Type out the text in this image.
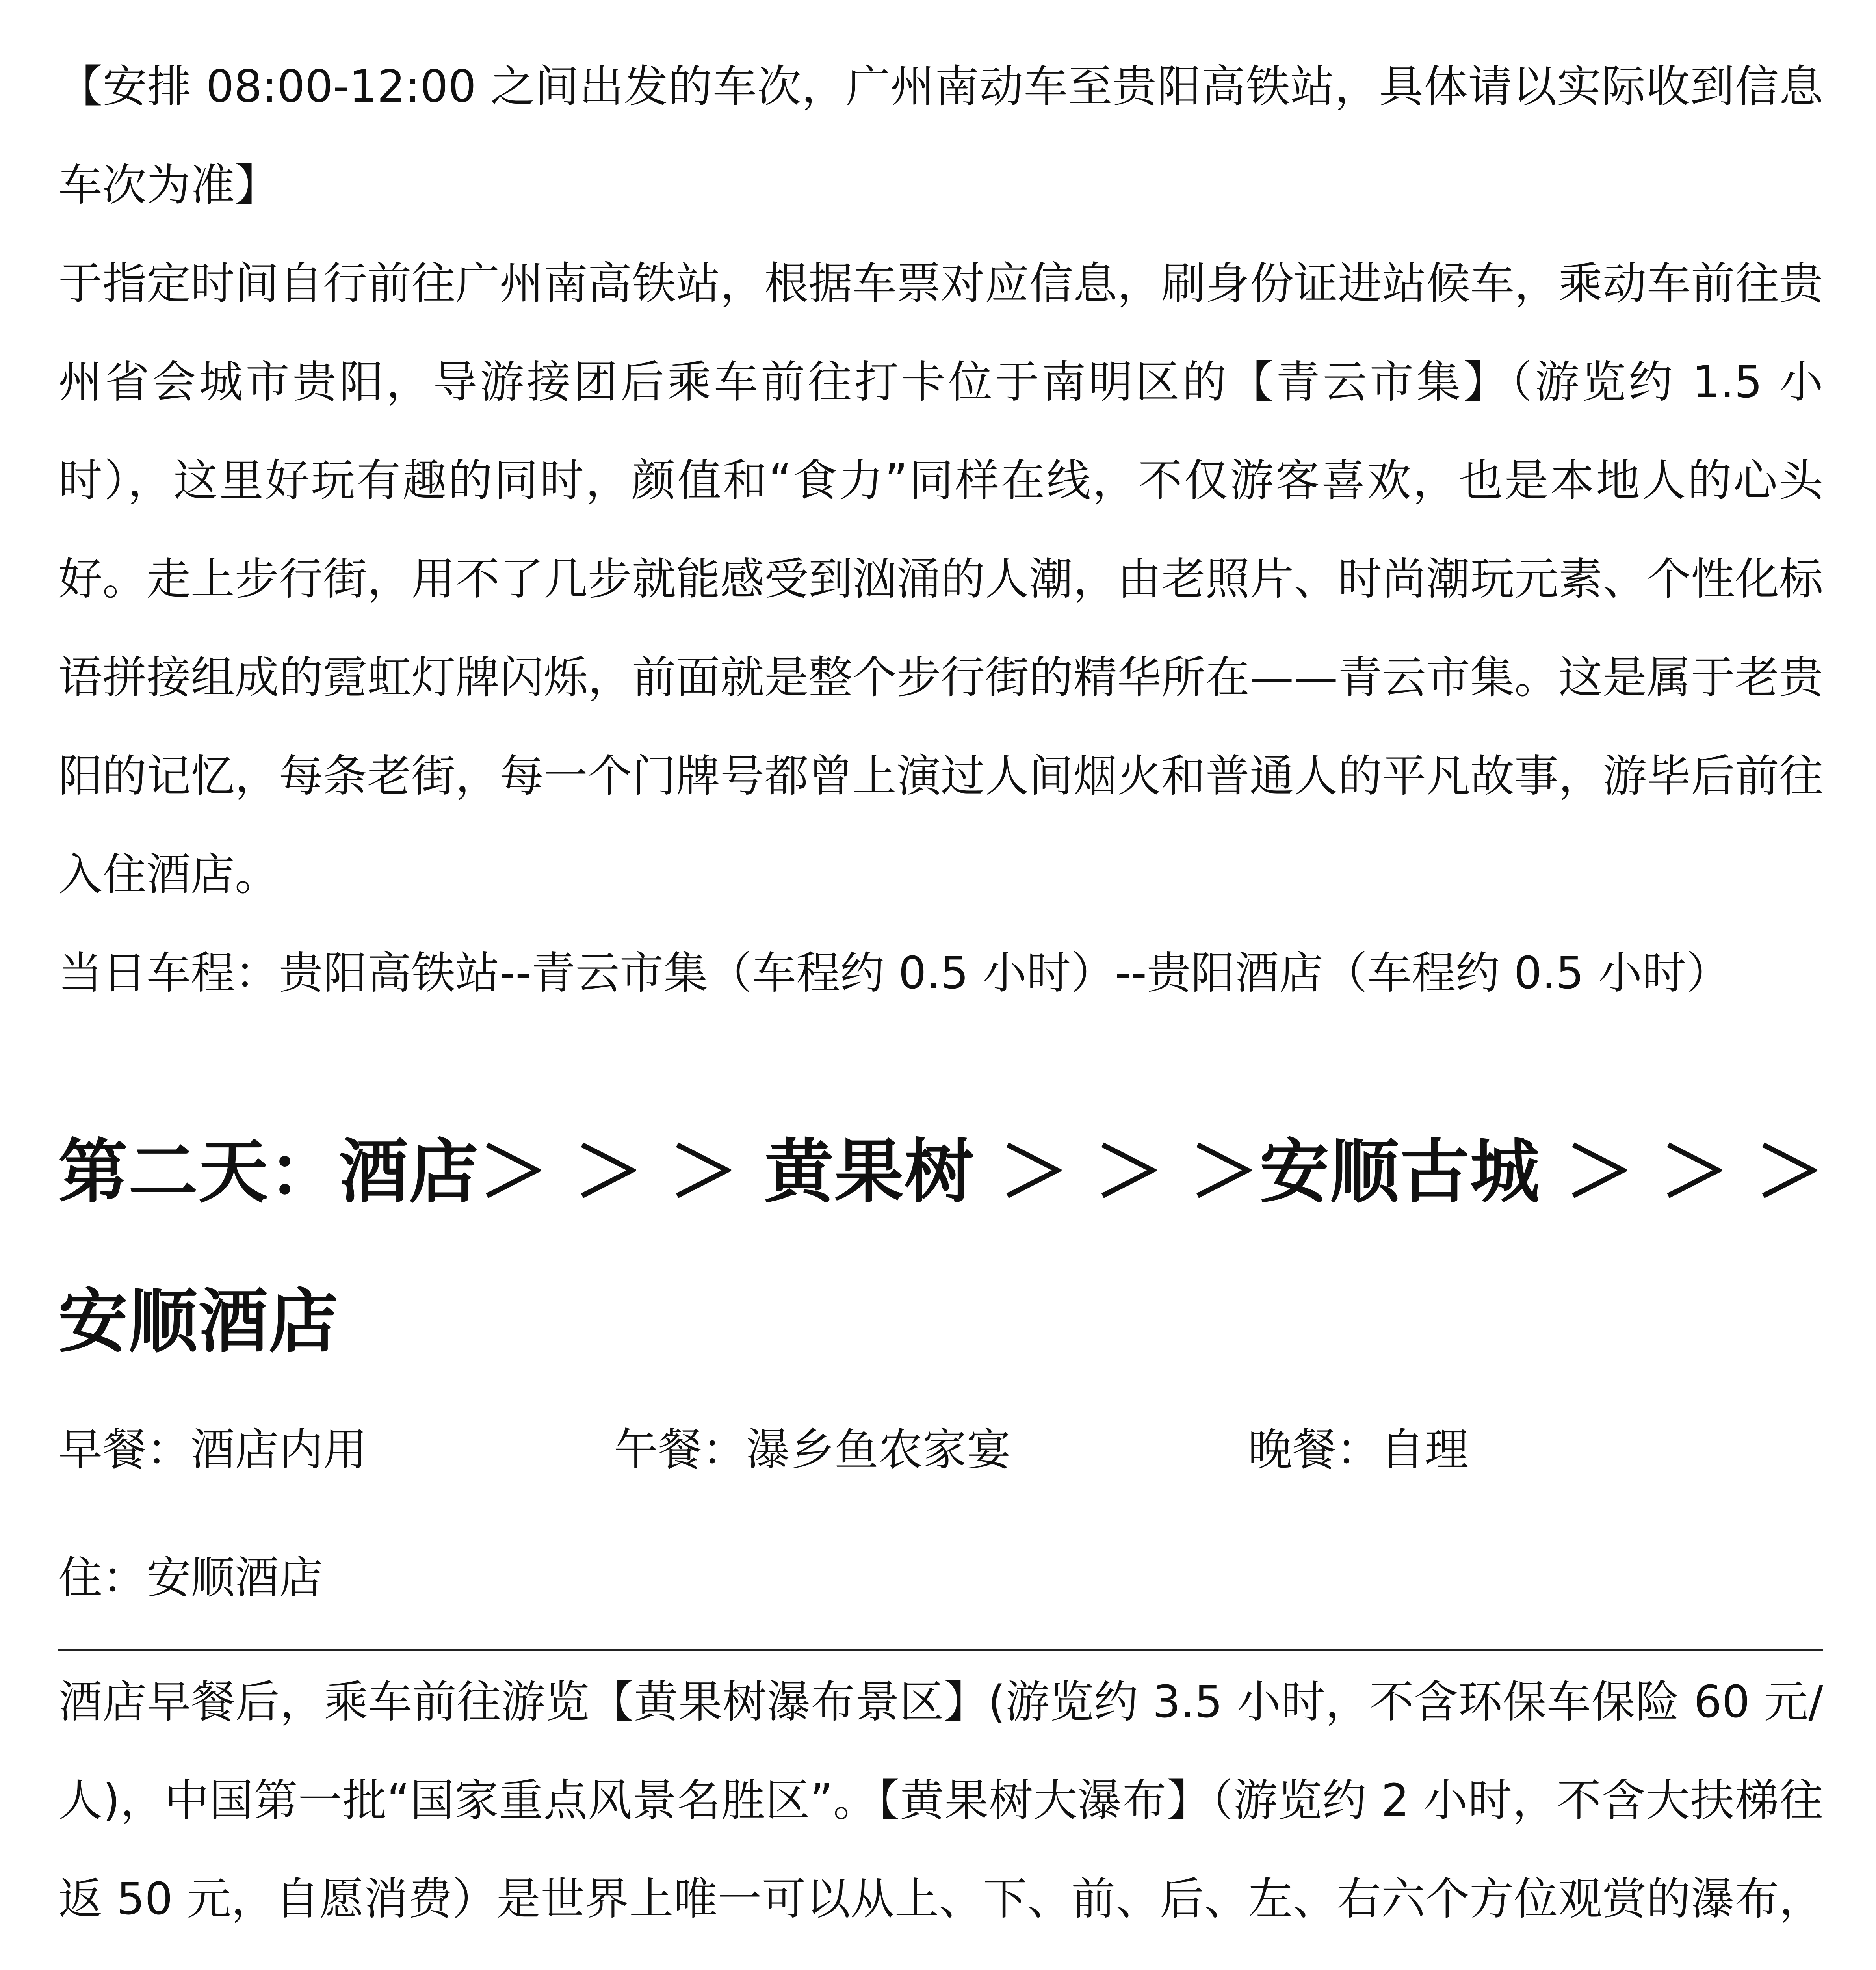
【安排 08:00-12:00 之间出发的车次，广州南动车至贵阳高铁站，具体请以实际收到信息车次为准】

于指定时间自行前往广州南高铁站，根据车票对应信息，刷身份证进站候车，乘动车前往贵州省会城市贵阳，导游接团后乘车前往打卡位于南明区的【青云市集】（游览约 1.5 小时），这里好玩有趣的同时，颜值和“食力”同样在线，不仅游客喜欢，也是本地人的心头好。走上步行街，用不了几步就能感受到汹涌的人潮，由老照片、时尚潮玩元素、个性化标语拼接组成的霓虹灯牌闪烁，前面就是整个步行街的精华所在——青云市集。这是属于老贵阳的记忆，每条老街，每一个门牌号都曾上演过人间烟火和普通人的平凡故事，游毕后前往入住酒店。

当日车程：贵阳高铁站--青云市集（车程约 0.5 小时）--贵阳酒店（车程约 0.5 小时）

第二天：酒店＞ ＞ ＞ 黄果树 ＞ ＞ ＞安顺古城 ＞ ＞ ＞ 安顺酒店
早餐：酒店内用	午餐：瀑乡鱼农家宴	晚餐：自理

住：安顺酒店

酒店早餐后，乘车前往游览【黄果树瀑布景区】(游览约 3.5 小时，不含环保车保险 60 元/人)，中国第一批“国家重点风景名胜区”。【黄果树大瀑布】（游览约 2 小时，不含大扶梯往返 50 元，自愿消费）是世界上唯一可以从上、下、前、后、左、右六个方位观赏的瀑布，
